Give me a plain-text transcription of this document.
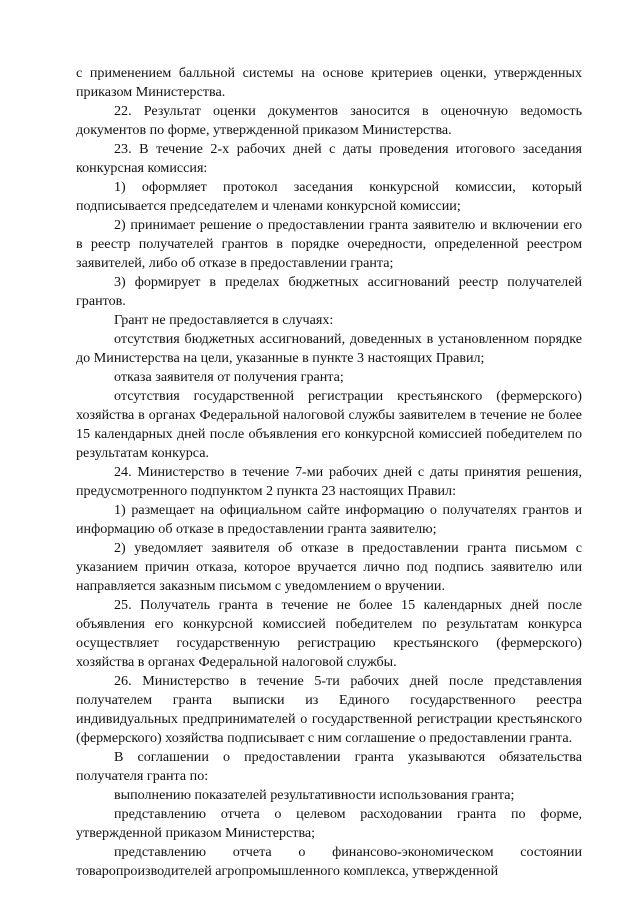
с применением балльной системы на основе критериев оценки, утвержденных приказом Министерства.

22. Результат оценки документов заносится в оценочную ведомость документов по форме, утвержденной приказом Министерства.

23. В течение 2-х рабочих дней с даты проведения итогового заседания конкурсная комиссия:

1) оформляет протокол заседания конкурсной комиссии, который подписывается председателем и членами конкурсной комиссии;

2) принимает решение о предоставлении гранта заявителю и включении его в реестр получателей грантов в порядке очередности, определенной реестром заявителей, либо об отказе в предоставлении гранта;

3) формирует в пределах бюджетных ассигнований реестр получателей грантов.

Грант не предоставляется в случаях:

отсутствия бюджетных ассигнований, доведенных в установленном порядке до Министерства на цели, указанные в пункте 3 настоящих Правил;

отказа заявителя от получения гранта;

отсутствия государственной регистрации крестьянского (фермерского) хозяйства в органах Федеральной налоговой службы заявителем в течение не более 15 календарных дней после объявления его конкурсной комиссией победителем по результатам конкурса.

24. Министерство в течение 7-ми рабочих дней с даты принятия решения, предусмотренного подпунктом 2 пункта 23 настоящих Правил:

1) размещает на официальном сайте информацию о получателях грантов и информацию об отказе в предоставлении гранта заявителю;

2) уведомляет заявителя об отказе в предоставлении гранта письмом с указанием причин отказа, которое вручается лично под подпись заявителю или направляется заказным письмом с уведомлением о вручении.

25. Получатель гранта в течение не более 15 календарных дней после объявления его конкурсной комиссией победителем по результатам конкурса осуществляет государственную регистрацию крестьянского (фермерского) хозяйства в органах Федеральной налоговой службы.

26. Министерство в течение 5-ти рабочих дней после представления получателем гранта выписки из Единого государственного реестра индивидуальных предпринимателей о государственной регистрации крестьянского (фермерского) хозяйства подписывает с ним соглашение о предоставлении гранта.

В соглашении о предоставлении гранта указываются обязательства получателя гранта по:

выполнению показателей результативности использования гранта;

представлению отчета о целевом расходовании гранта по форме, утвержденной приказом Министерства;

представлению отчета о финансово-экономическом состоянии товаропроизводителей агропромышленного комплекса, утвержденной
